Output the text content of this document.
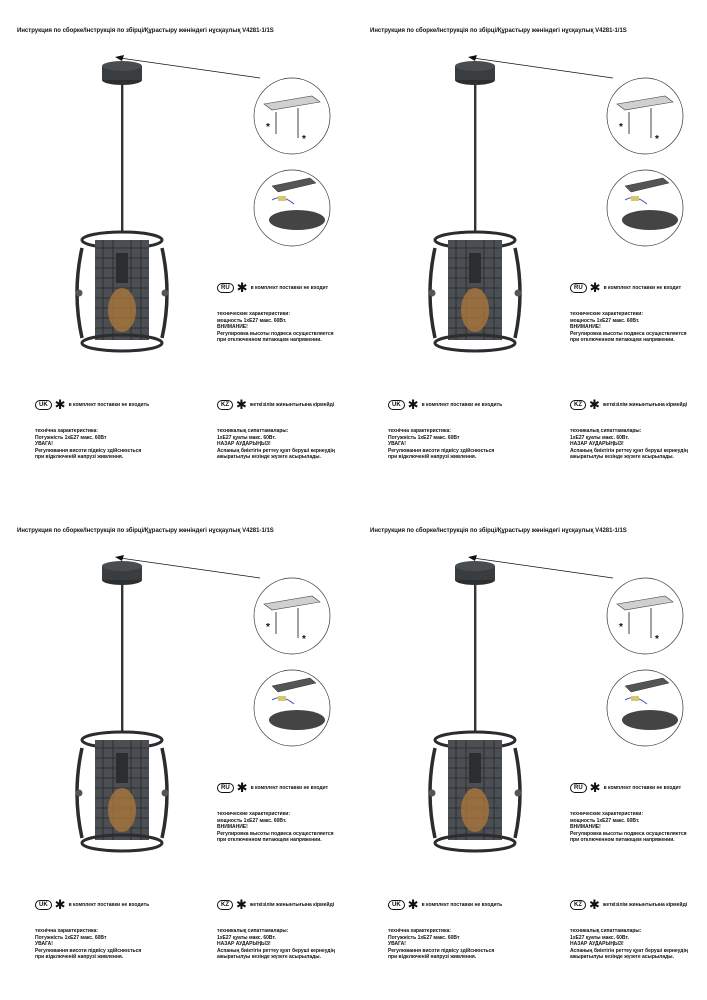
Инструкция по сборке/Інструкція по збірці/Құрастыру жөніндегі нұсқаулық V4281-1/1S
*
*
RU ✱ в комплект поставки не входит
технические характеристики:
мощность 1хЕ27 макс. 60Вт.
ВНИМАНИЕ!
Регулировка высоты подвеса осуществляется
при отключенном питающем напряжении.
UK ✱ в комплект поставки не входить
технічна характеристика:
Потужність 1хЕ27 макс. 60Вт
УВАГА!
Регулювання висоти підвісу здійснюється
при відключеній напрузі живлення.
KZ ✱ жеткізілім жинынтығына кірмейді
техникалық сипаттамалары:
1хЕ27 қуаты макс. 60Вт.
НАЗАР АУДАРЫҢЫЗ!
Аспаның биіктігін реттеу қуат беруші кернеудің
ажыратылуы кезінде жүзеге асырылады.
Инструкция по сборке/Інструкція по збірці/Құрастыру жөніндегі нұсқаулық V4281-1/1S
*
*
RU ✱ в комплект поставки не входит
технические характеристики:
мощность 1хЕ27 макс. 60Вт.
ВНИМАНИЕ!
Регулировка высоты подвеса осуществляется
при отключенном питающем напряжении.
UK ✱ в комплект поставки не входить
технічна характеристика:
Потужність 1хЕ27 макс. 60Вт
УВАГА!
Регулювання висоти підвісу здійснюється
при відключеній напрузі живлення.
KZ ✱ жеткізілім жинынтығына кірмейді
техникалық сипаттамалары:
1хЕ27 қуаты макс. 60Вт.
НАЗАР АУДАРЫҢЫЗ!
Аспаның биіктігін реттеу қуат беруші кернеудің
ажыратылуы кезінде жүзеге асырылады.
Инструкция по сборке/Інструкція по збірці/Құрастыру жөніндегі нұсқаулық V4281-1/1S
*
*
RU ✱ в комплект поставки не входит
технические характеристики:
мощность 1хЕ27 макс. 60Вт.
ВНИМАНИЕ!
Регулировка высоты подвеса осуществляется
при отключенном питающем напряжении.
UK ✱ в комплект поставки не входить
технічна характеристика:
Потужність 1хЕ27 макс. 60Вт
УВАГА!
Регулювання висоти підвісу здійснюється
при відключеній напрузі живлення.
KZ ✱ жеткізілім жинынтығына кірмейді
техникалық сипаттамалары:
1хЕ27 қуаты макс. 60Вт.
НАЗАР АУДАРЫҢЫЗ!
Аспаның биіктігін реттеу қуат беруші кернеудің
ажыратылуы кезінде жүзеге асырылады.
Инструкция по сборке/Інструкція по збірці/Құрастыру жөніндегі нұсқаулық V4281-1/1S
*
*
RU ✱ в комплект поставки не входит
технические характеристики:
мощность 1хЕ27 макс. 60Вт.
ВНИМАНИЕ!
Регулировка высоты подвеса осуществляется
при отключенном питающем напряжении.
UK ✱ в комплект поставки не входить
технічна характеристика:
Потужність 1хЕ27 макс. 60Вт
УВАГА!
Регулювання висоти підвісу здійснюється
при відключеній напрузі живлення.
KZ ✱ жеткізілім жинынтығына кірмейді
техникалық сипаттамалары:
1хЕ27 қуаты макс. 60Вт.
НАЗАР АУДАРЫҢЫЗ!
Аспаның биіктігін реттеу қуат беруші кернеудің
ажыратылуы кезінде жүзеге асырылады.
